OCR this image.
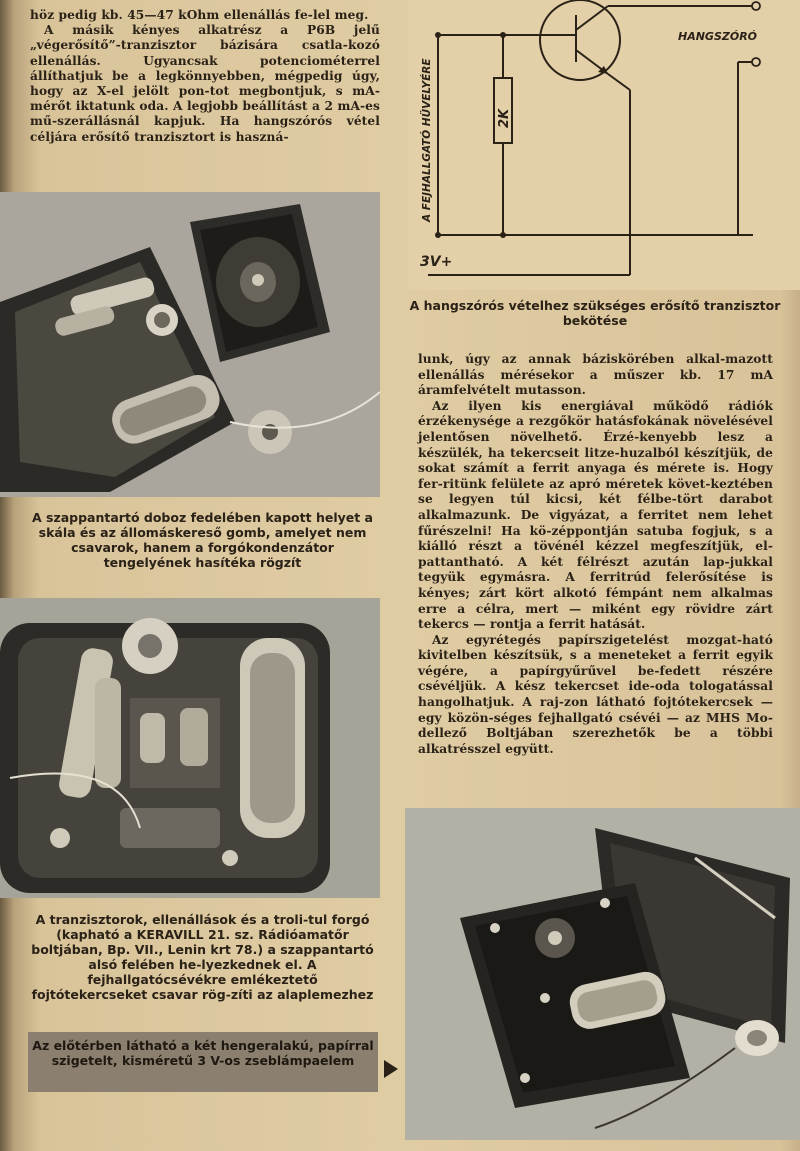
höz pedig kb. 45—47 kOhm ellenállás fe-lel meg.

A másik kényes alkatrész a P6B jelű „végerősítő”-tranzisztor bázisára csatla-kozó ellenállás. Ugyancsak potenciométerrel állíthatjuk be a legkönnyebben, mégpedig úgy, hogy az X-el jelölt pon-tot megbontjuk, s mA-mérőt iktatunk oda. A legjobb beállítást a 2 mA-es mű-szerállásnál kapjuk. Ha hangszórós vétel céljára erősítő tranzisztort is haszná-

A szappantartó doboz fedelében kapott helyet a skála és az állomáskereső gomb, amelyet nem csavarok, hanem a forgókondenzátor tengelyének hasítéka rögzít
A tranzisztorok, ellenállások és a troli-tul forgó (kapható a KERAVILL 21. sz. Rádióamatőr boltjában, Bp. VII., Lenin krt 78.) a szappantartó alsó felében he-lyezkednek el. A fejhallgatócsévékre emlékeztető fojtótekercseket csavar rög-zíti az alaplemezhez
Az előtérben látható a két hengeralakú, papírral szigetelt, kisméretű 3 V-os zseblámpaelem
2K
A FEJHALLGATÓ HÜVELYÉRE
HANGSZÓRÓ
3V+
A hangszórós vételhez szükséges erősítő tranzisztor bekötése

lunk, úgy az annak báziskörében alkal-mazott ellenállás mérésekor a műszer kb. 17 mA áramfelvételt mutasson.

Az ilyen kis energiával működő rádiók érzékenysége a rezgőkör hatásfokának növelésével jelentősen növelhető. Érzé-kenyebb lesz a készülék, ha tekercseit litze-huzalból készítjük, de sokat számít a ferrit anyaga és mérete is. Hogy fer-ritünk felülete az apró méretek követ-keztében se legyen túl kicsi, két félbe-tört darabot alkalmazunk. De vigyázat, a ferritet nem lehet fűrészelni! Ha kö-zéppontján satuba fogjuk, s a kiálló részt a tövénél kézzel megfeszítjük, el-pattantható. A két félrészt azután lap-jukkal tegyük egymásra. A ferritrúd felerősítése is kényes; zárt kört alkotó fémpánt nem alkalmas erre a célra, mert — miként egy rövidre zárt tekercs — rontja a ferrit hatását.

Az egyrétegés papírszigetelést mozgat-ható kivitelben készítsük, s a meneteket a ferrit egyik végére, a papírgyűrűvel be-fedett részére csévéljük. A kész tekercset ide-oda tologatással hangolhatjuk. A raj-zon látható fojtótekercsek — egy közön-séges fejhallgató csévéi — az MHS Mo-dellező Boltjában szerezhetők be a többi alkatrésszel együtt.
